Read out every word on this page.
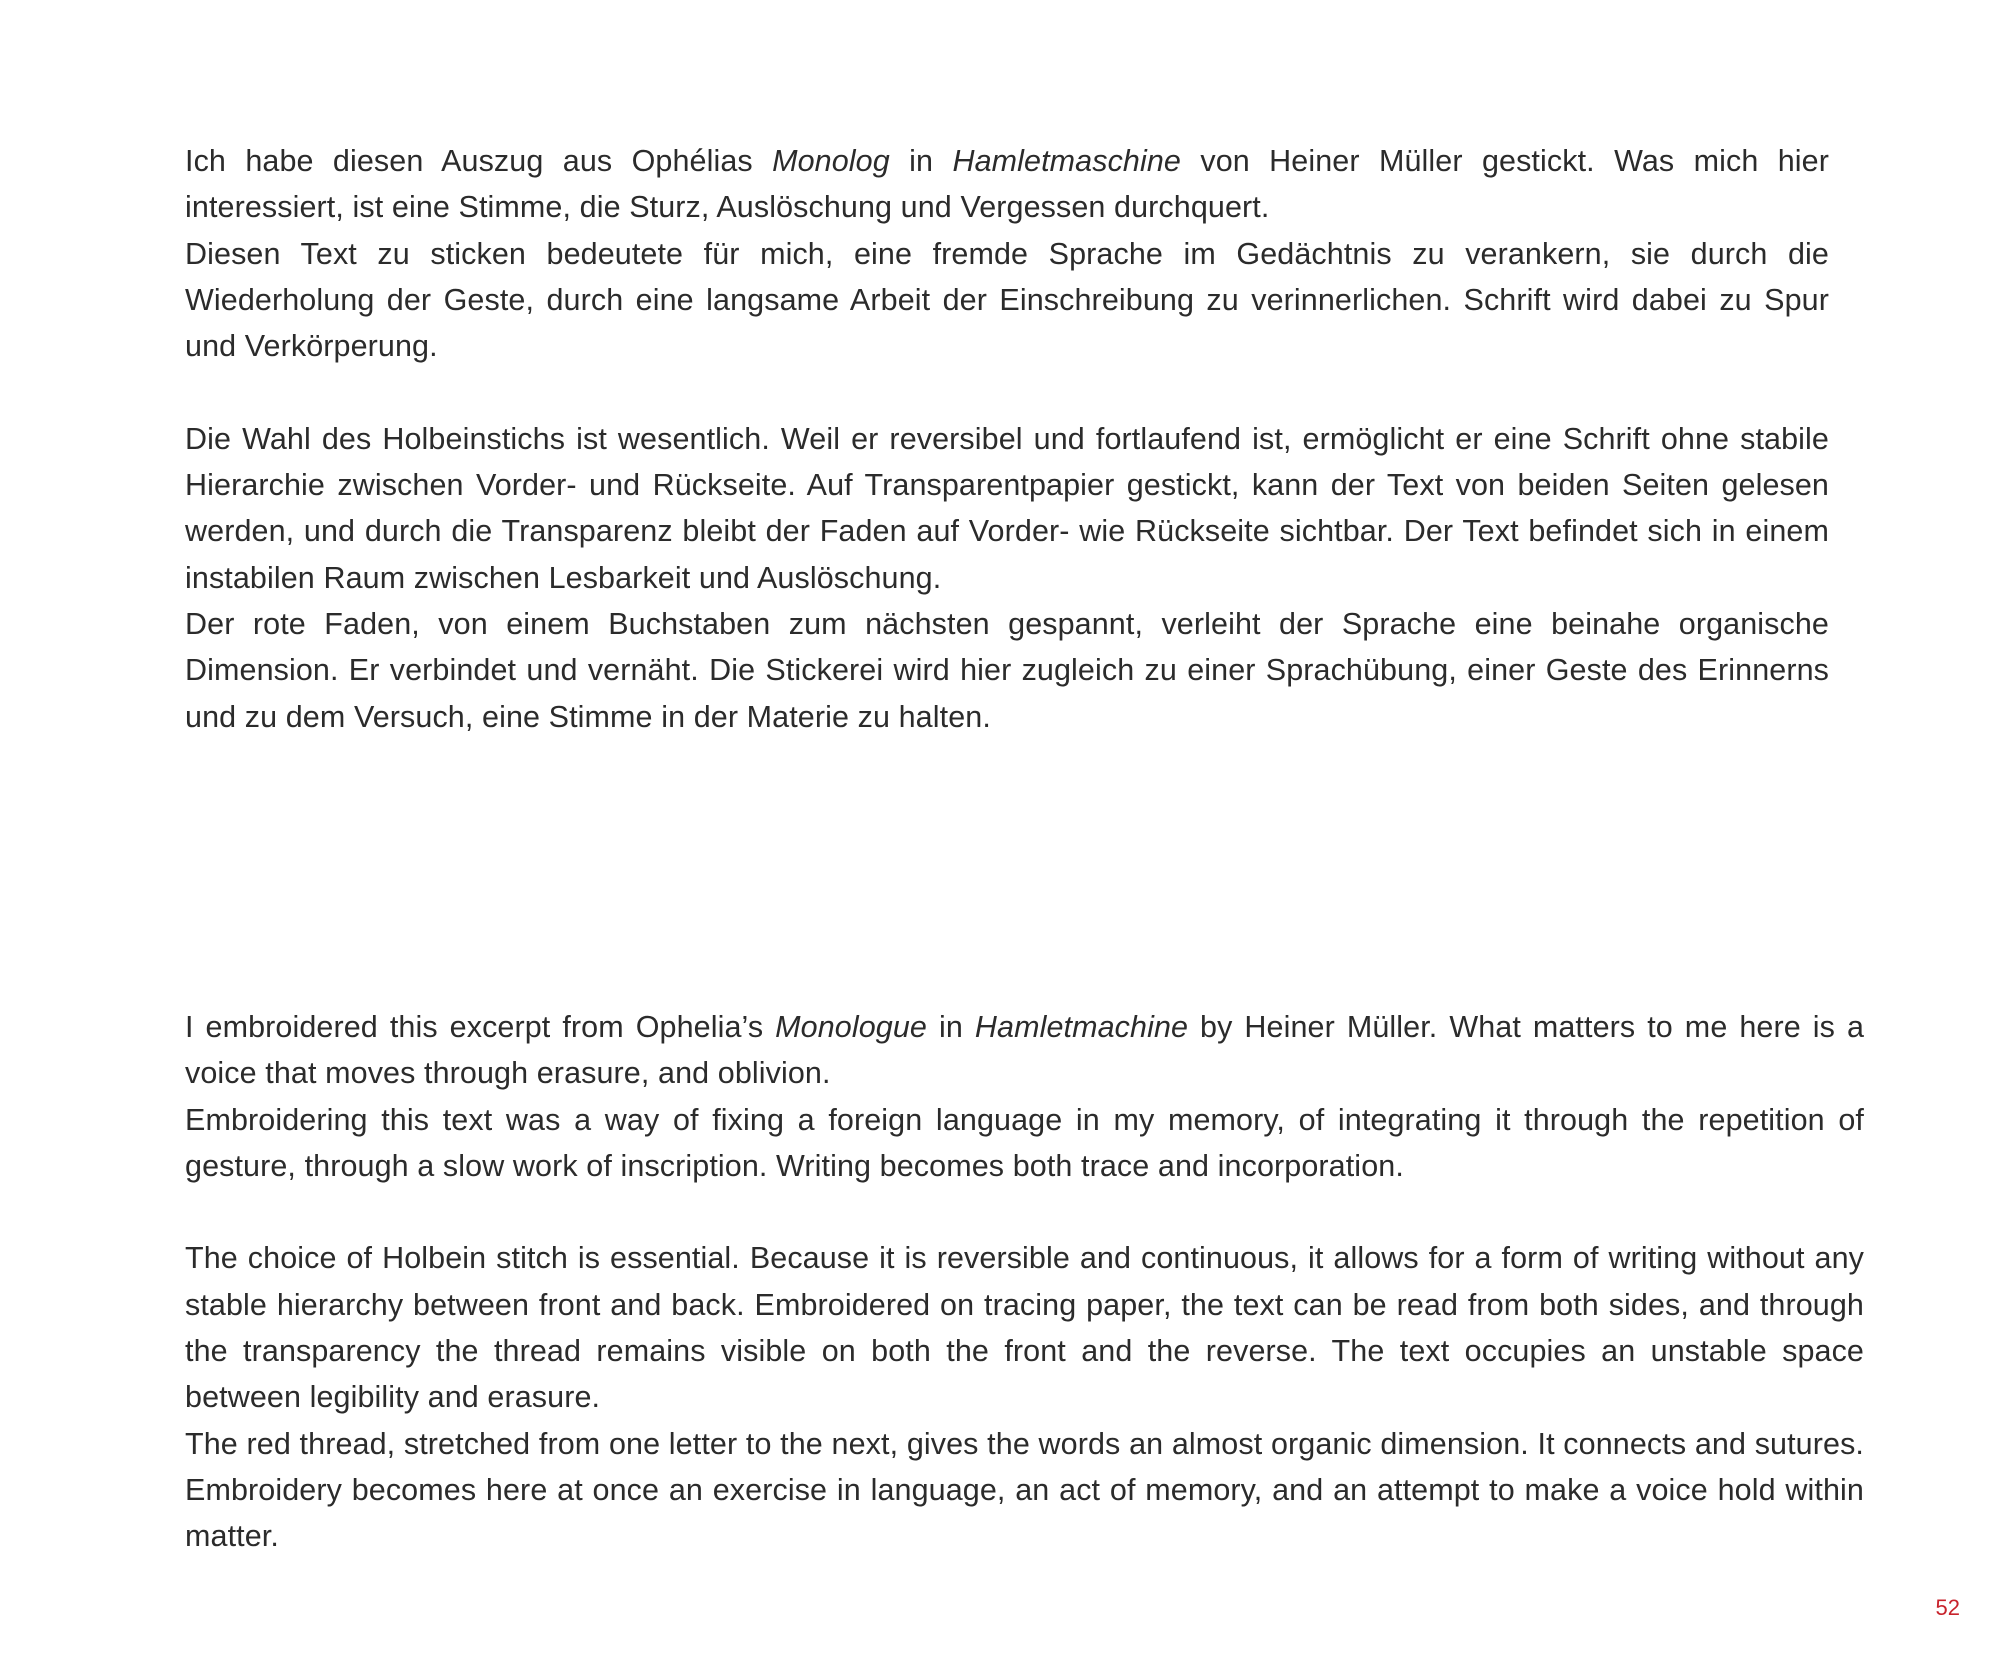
Ich habe diesen Auszug aus Ophélias Monolog in Hamletmaschine von Heiner Müller gestickt. Was mich hier interessiert, ist eine Stimme, die Sturz, Auslöschung und Vergessen durchquert.

Diesen Text zu sticken bedeutete für mich, eine fremde Sprache im Gedächtnis zu verankern, sie durch die Wiederholung der Geste, durch eine langsame Arbeit der Einschreibung zu verinnerlichen. Schrift wird dabei zu Spur und Verkörperung.

Die Wahl des Holbeinstichs ist wesentlich. Weil er reversibel und fortlaufend ist, ermöglicht er eine Schrift ohne stabile Hierarchie zwischen Vorder- und Rückseite. Auf Transparentpapier gestickt, kann der Text von beiden Seiten gelesen werden, und durch die Transparenz bleibt der Faden auf Vorder- wie Rückseite sichtbar. Der Text befindet sich in einem instabilen Raum zwischen Lesbarkeit und Auslöschung.

Der rote Faden, von einem Buchstaben zum nächsten gespannt, verleiht der Sprache eine beinahe organische Dimension. Er verbindet und vernäht. Die Stickerei wird hier zugleich zu einer Sprachübung, einer Geste des Erinnerns und zu dem Versuch, eine Stimme in der Materie zu halten.

I embroidered this excerpt from Ophelia’s Monologue in Hamletmachine by Heiner Müller. What matters to me here is a voice that moves through erasure, and oblivion.

Embroidering this text was a way of fixing a foreign language in my memory, of integrating it through the repetition of gesture, through a slow work of inscription. Writing becomes both trace and incorporation.

The choice of Holbein stitch is essential. Because it is reversible and continuous, it allows for a form of writing without any stable hierarchy between front and back. Embroidered on tracing paper, the text can be read from both sides, and through the transparency the thread remains visible on both the front and the reverse. The text occupies an unstable space between legibility and erasure.

The red thread, stretched from one letter to the next, gives the words an almost organic dimension. It connects and sutures. Embroidery becomes here at once an exercise in language, an act of memory, and an attempt to make a voice hold within matter.

52
